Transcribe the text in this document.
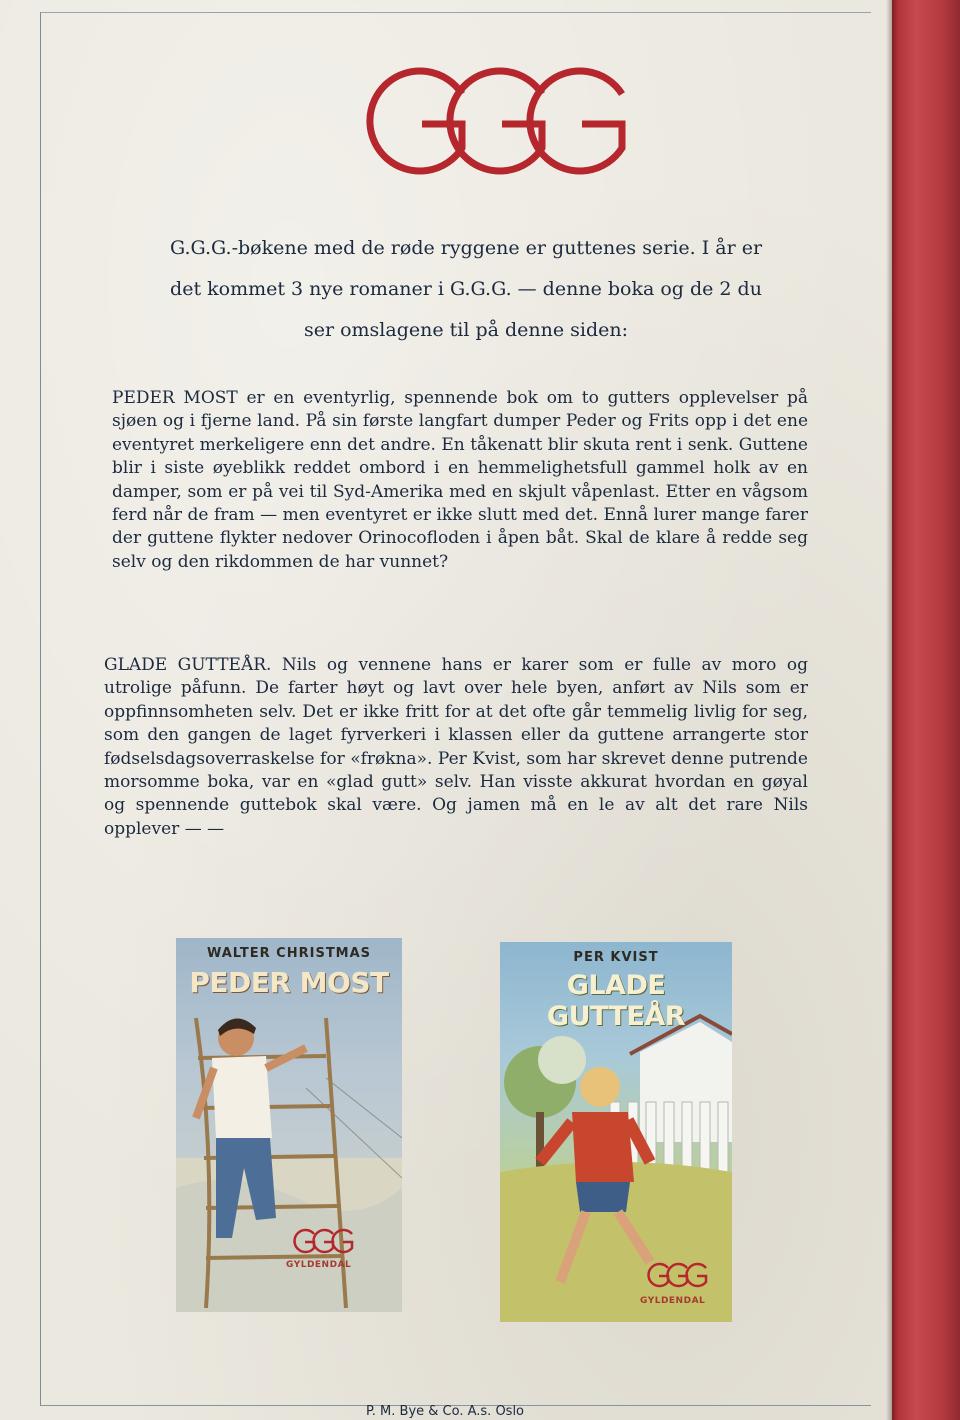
G.G.G.-bøkene med de røde ryggene er guttenes serie. I år er
det kommet 3 nye romaner i G.G.G. — denne boka og de 2 du
ser omslagene til på denne siden:

PEDER MOST er en eventyrlig, spennende bok om to gutters opplevelser på sjøen og i fjerne land. På sin første langfart dumper Peder og Frits opp i det ene eventyret merkeligere enn det andre. En tåkenatt blir skuta rent i senk. Guttene blir i siste øyeblikk reddet ombord i en hemmelighetsfull gammel holk av en damper, som er på vei til Syd-Amerika med en skjult våpenlast. Etter en vågsom ferd når de fram — men eventyret er ikke slutt med det. Ennå lurer mange farer der guttene flykter nedover Orinocofloden i åpen båt. Skal de klare å redde seg selv og den rikdommen de har vunnet?

GLADE GUTTEÅR. Nils og vennene hans er karer som er fulle av moro og utrolige påfunn. De farter høyt og lavt over hele byen, anført av Nils som er oppfinnsomheten selv. Det er ikke fritt for at det ofte går temmelig livlig for seg, som den gangen de laget fyrverkeri i klassen eller da guttene arrangerte stor fødselsdagsoverraskelse for «frøkna». Per Kvist, som har skrevet denne putrende morsomme boka, var en «glad gutt» selv. Han visste akkurat hvordan en gøyal og spennende guttebok skal være. Og jamen må en le av alt det rare Nils opplever — —

WALTER CHRISTMAS
PEDER MOST
GYLDENDAL
PER KVIST
GLADE GUTTEÅR
GYLDENDAL
P. M. Bye & Co. A.s. Oslo
